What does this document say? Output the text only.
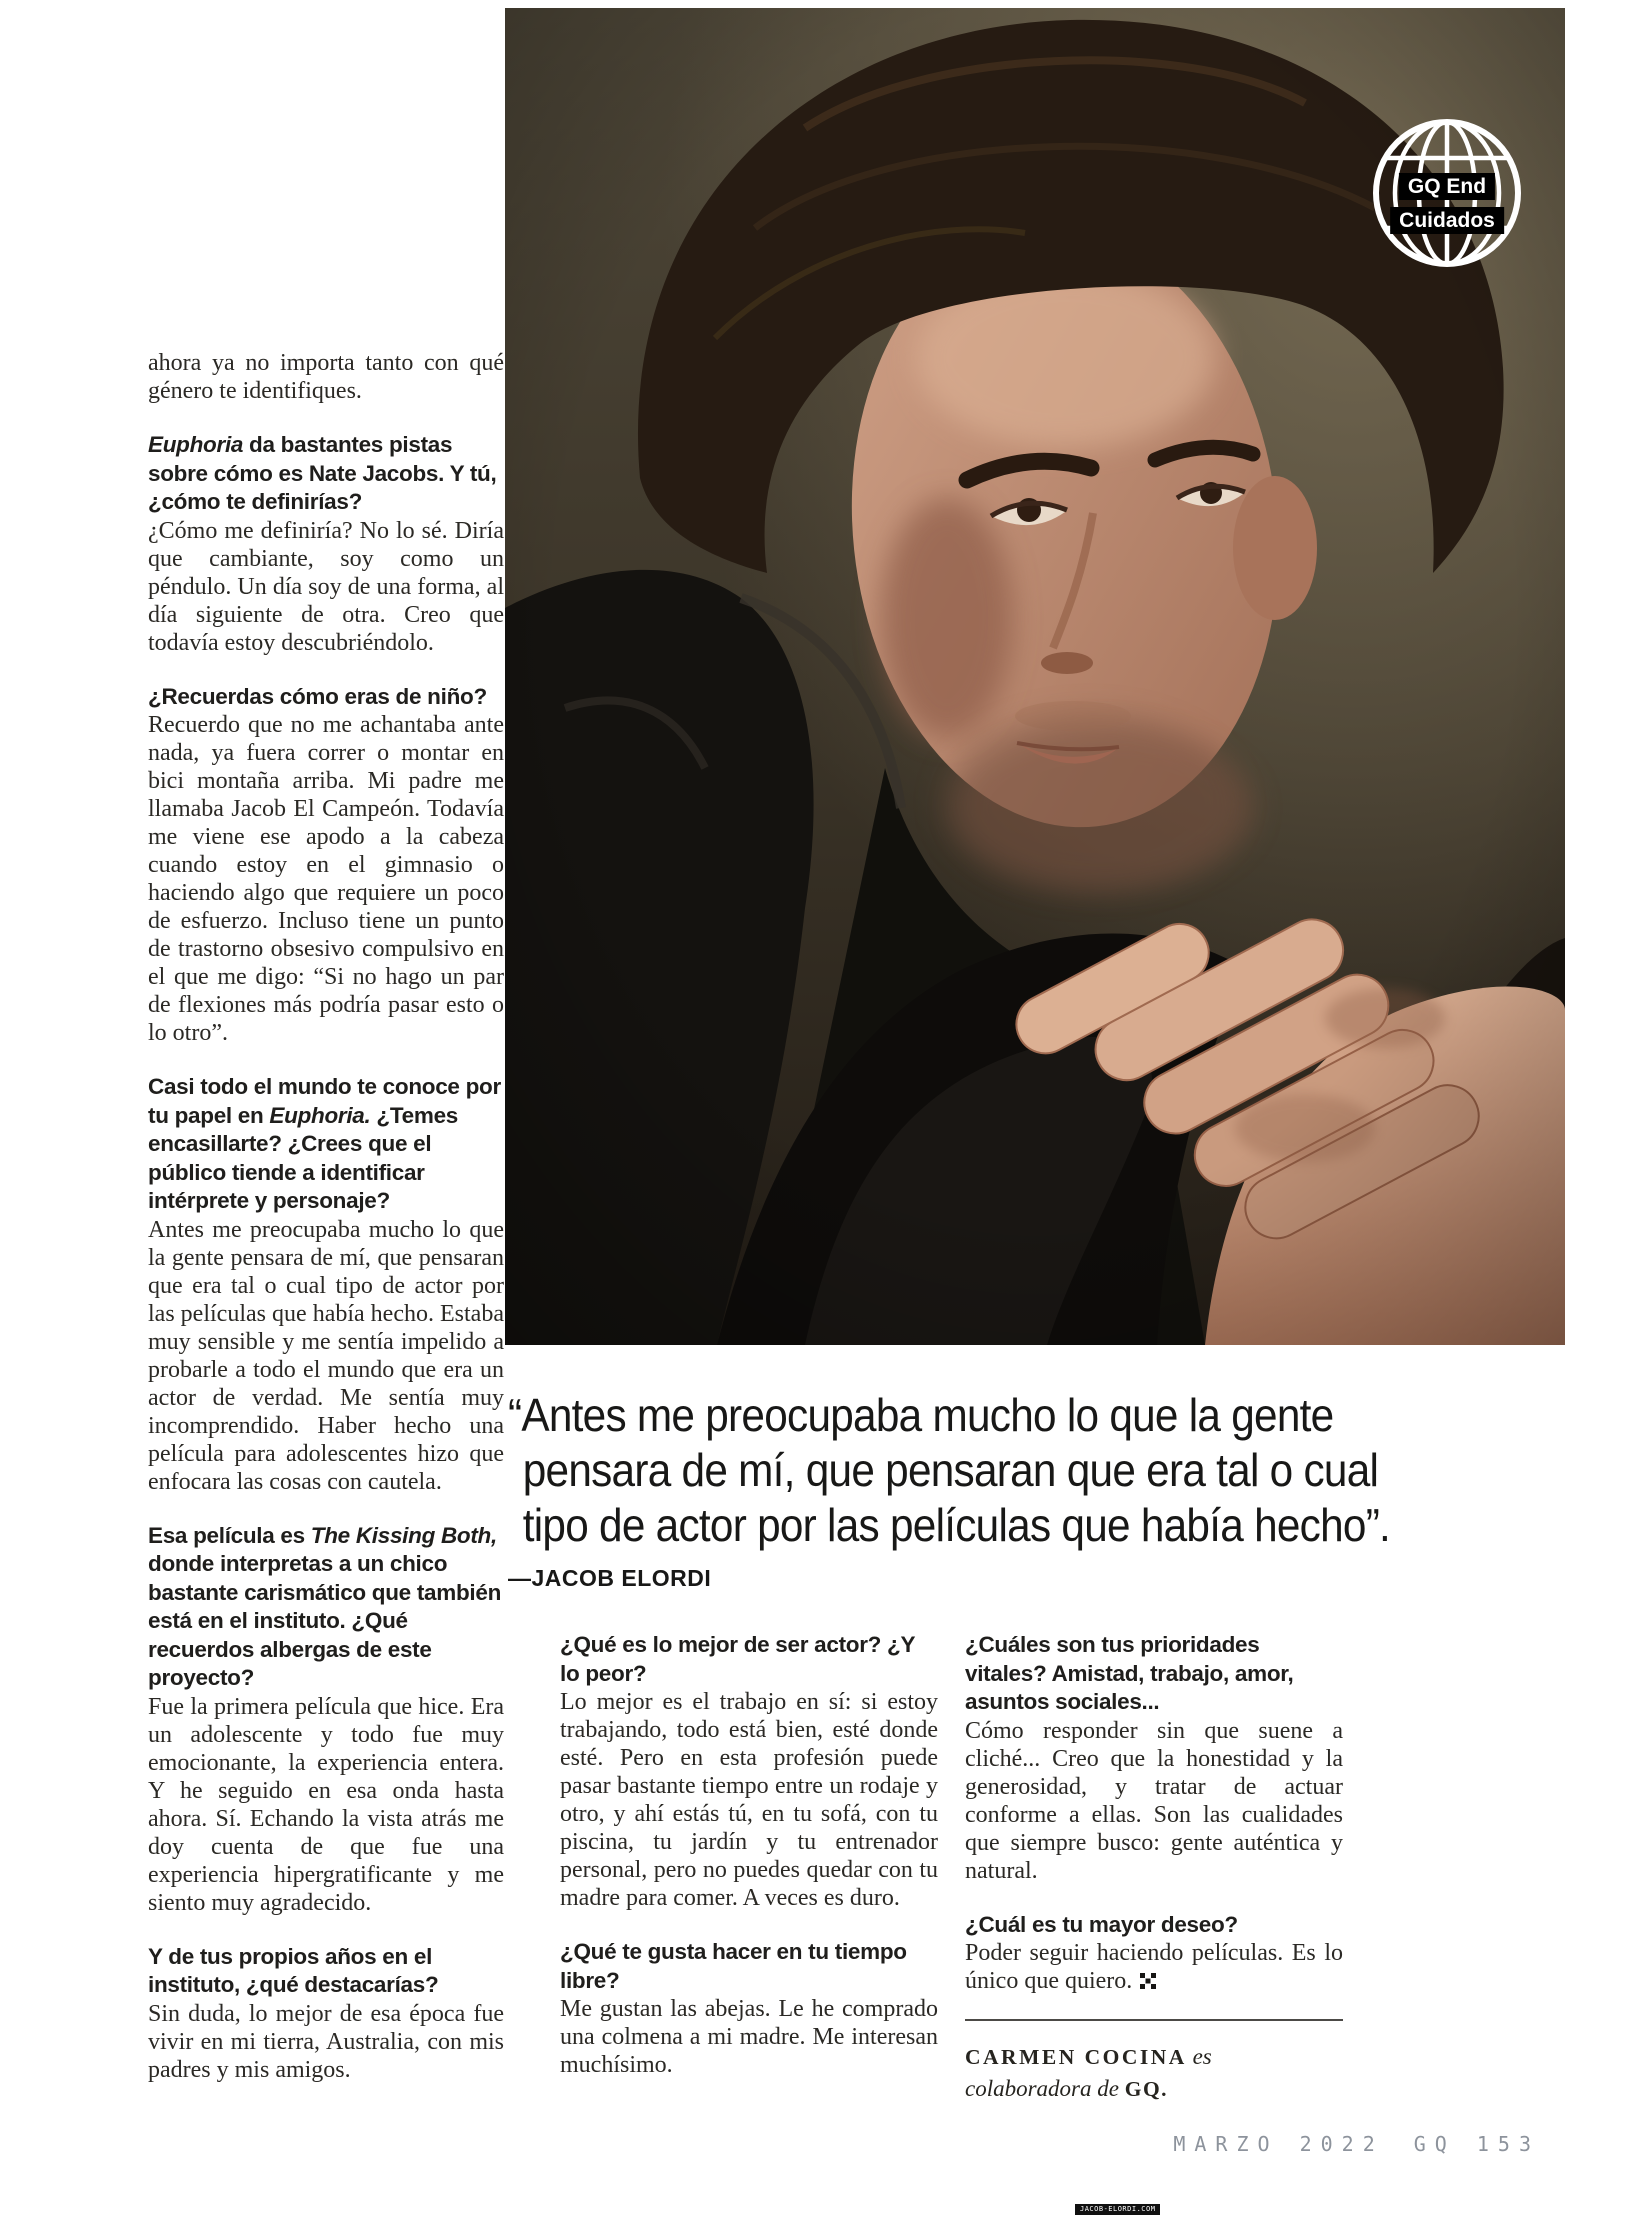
GQ End
Cuidados

ahora ya no importa tanto con qué género te identifiques.

Euphoria da bastantes pistas sobre cómo es Nate Jacobs. Y tú, ¿cómo te definirías?

¿Cómo me definiría? No lo sé. Diría que cambiante, soy como un péndulo. Un día soy de una forma, al día siguiente de otra. Creo que todavía estoy descubriéndolo.

¿Recuerdas cómo eras de niño?

Recuerdo que no me achantaba ante nada, ya fuera correr o montar en bici montaña arriba. Mi padre me llamaba Jacob El Campeón. Todavía me viene ese apodo a la cabeza cuando estoy en el gimnasio o haciendo algo que requiere un poco de esfuerzo. Incluso tiene un punto de trastorno obsesivo compulsivo en el que me digo: “Si no hago un par de flexiones más podría pasar esto o lo otro”.

Casi todo el mundo te conoce por tu papel en Euphoria. ¿Temes encasillarte? ¿Crees que el público tiende a identificar intérprete y personaje?

Antes me preocupaba mucho lo que la gente pensara de mí, que pensaran que era tal o cual tipo de actor por las películas que había hecho. Estaba muy sensible y me sentía impelido a probarle a todo el mundo que era un actor de verdad. Me sentía muy incomprendido. Haber hecho una película para adolescentes hizo que enfocara las cosas con cautela.

Esa película es The Kissing Both, donde interpretas a un chico bastante carismático que también está en el instituto. ¿Qué recuerdos albergas de este proyecto?

Fue la primera película que hice. Era un adolescente y todo fue muy emocionante, la experiencia entera. Y he seguido en esa onda hasta ahora. Sí. Echando la vista atrás me doy cuenta de que fue una experiencia hipergratificante y me siento muy agradecido.

Y de tus propios años en el instituto, ¿qué destacarías?

Sin duda, lo mejor de esa época fue vivir en mi tierra, Australia, con mis padres y mis amigos.

“Antes me preocupaba mucho lo que la gente
pensara de mí, que pensaran que era tal o cual
tipo de actor por las películas que había hecho”.
—JACOB ELORDI

¿Qué es lo mejor de ser actor? ¿Y lo peor?

Lo mejor es el trabajo en sí: si estoy trabajando, todo está bien, esté donde esté. Pero en esta profesión puede pasar bastante tiempo entre un rodaje y otro, y ahí estás tú, en tu sofá, con tu piscina, tu jardín y tu entrenador personal, pero no puedes quedar con tu madre para comer. A veces es duro.

¿Qué te gusta hacer en tu tiempo libre?

Me gustan las abejas. Le he comprado una colmena a mi madre. Me interesan muchísimo.

¿Cuáles son tus prioridades vitales? Amistad, trabajo, amor, asuntos sociales...

Cómo responder sin que suene a cliché... Creo que la honestidad y la generosidad, y tratar de actuar conforme a ellas. Son las cualidades que siempre busco: gente auténtica y natural.

¿Cuál es tu mayor deseo?

Poder seguir haciendo películas. Es lo único que quiero.

CARMEN COCINA es colaboradora de GQ.

MARZO 2022 GQ 153
JACOB-ELORDI.COM
